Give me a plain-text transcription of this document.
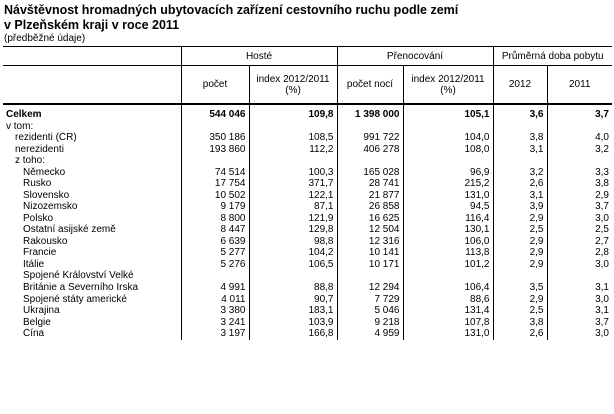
Návštěvnost hromadných ubytovacích zařízení cestovního ruchu podle zemí
v Plzeňském kraji v roce 2011

(předběžné údaje)

	Hosté		Přenocování		Průměrná doba pobytu	
	počet	index 2012/2011 (%)	počet nocí	index 2012/2011 (%)	2012	2011

Celkem	544 046	109,8	1 398 000	105,1	3,6	3,7
v tom:						
rezidenti (ČR)	350 186	108,5	991 722	104,0	3,8	4,0
nerezidenti	193 860	112,2	406 278	108,0	3,1	3,2
z toho:						
Německo	74 514	100,3	165 028	96,9	3,2	3,3
Rusko	17 754	371,7	28 741	215,2	2,6	3,8
Slovensko	10 502	122,1	21 877	131,0	3,1	2,9
Nizozemsko	9 179	87,1	26 858	94,5	3,9	3,7
Polsko	8 800	121,9	16 625	116,4	2,9	3,0
Ostatní asijské země	8 447	129,8	12 504	130,1	2,5	2,5
Rakousko	6 639	98,8	12 316	106,0	2,9	2,7
Francie	5 277	104,2	10 141	113,8	2,9	2,8
Itálie	5 276	106,5	10 171	101,2	2,9	3,0
Spojené Království Velké						
Británie a Severního Irska	4 991	88,8	12 294	106,4	3,5	3,1
Spojené státy americké	4 011	90,7	7 729	88,6	2,9	3,0
Ukrajina	3 380	183,1	5 046	131,4	2,5	3,1
Belgie	3 241	103,9	9 218	107,8	3,8	3,7
Čína	3 197	166,8	4 959	131,0	2,6	3,0
